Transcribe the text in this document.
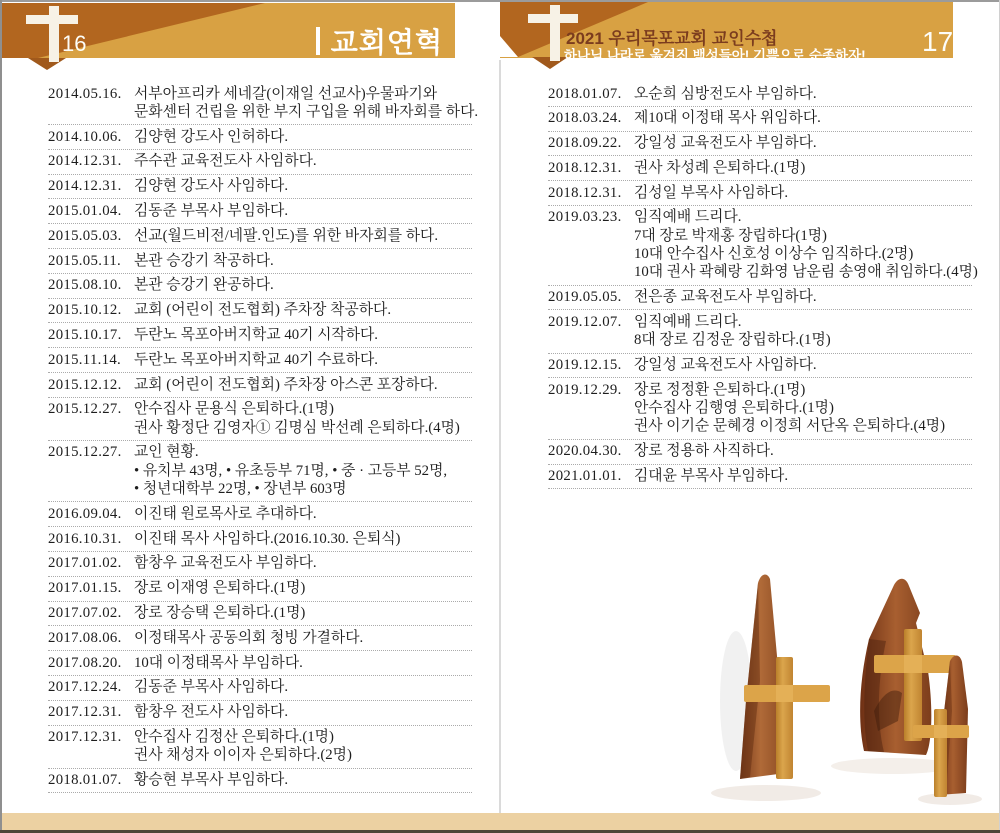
16	교회연혁	2021 우리목포교회 교인수첩
하나님 나라로 옮겨진 백성들아! 기쁨으로 순종하자! 17
2014.05.16. 서부아프리카 세네갈(이재일 선교사)우물파기와
문화센터 건립을 위한 부지 구입을 위해 바자회를 하다.
2014.10.06. 김양현 강도사 인허하다.
2014.12.31. 주수관 교육전도사 사임하다.
2014.12.31. 김양현 강도사 사임하다.
2015.01.04. 김동준 부목사 부임하다.
2015.05.03. 선교(월드비전/네팔.인도)를 위한 바자회를 하다.
2015.05.11. 본관 승강기 착공하다.
2015.08.10. 본관 승강기 완공하다.
2015.10.12. 교회 (어린이 전도협회) 주차장 착공하다.
2015.10.17. 두란노 목포아버지학교 40기 시작하다.
2015.11.14. 두란노 목포아버지학교 40기 수료하다.
2015.12.12. 교회 (어린이 전도협회) 주차장 아스콘 포장하다.
2015.12.27. 안수집사 문용식 은퇴하다.(1명)
권사 황정단 김영자① 김명심 박선례 은퇴하다.(4명)
2015.12.27. 교인 현황.
• 유치부 43명, • 유초등부 71명, • 중 · 고등부 52명,
• 청년대학부 22명, • 장년부 603명
2016.09.04. 이진태 원로목사로 추대하다.
2016.10.31. 이진태 목사 사임하다.(2016.10.30. 은퇴식)
2017.01.02. 함창우 교육전도사 부임하다.
2017.01.15. 장로 이재영 은퇴하다.(1명)
2017.07.02. 장로 장승택 은퇴하다.(1명)
2017.08.06. 이정태목사 공동의회 청빙 가결하다.
2017.08.20. 10대 이정태목사 부임하다.
2017.12.24. 김동준 부목사 사임하다.
2017.12.31. 함창우 전도사 사임하다.
2017.12.31. 안수집사 김정산 은퇴하다.(1명)
권사 채성자 이이자 은퇴하다.(2명)
2018.01.07. 황승현 부목사 부임하다.
2018.01.07. 오순희 심방전도사 부임하다.
2018.03.24. 제10대 이정태 목사 위임하다.
2018.09.22. 강일성 교육전도사 부임하다.
2018.12.31. 권사 차성례 은퇴하다.(1명)
2018.12.31. 김성일 부목사 사임하다.
2019.03.23. 임직예배 드리다.
7대 장로 박재홍 장립하다(1명)
10대 안수집사 신호성 이상수 임직하다.(2명)
10대 권사 곽혜랑 김화영 남운림 송영애 취임하다.(4명)
2019.05.05. 전은종 교육전도사 부임하다.
2019.12.07. 임직예배 드리다.
8대 장로 김정운 장립하다.(1명)
2019.12.15. 강일성 교육전도사 사임하다.
2019.12.29. 장로 정정환 은퇴하다.(1명)
안수집사 김행영 은퇴하다.(1명)
권사 이기순 문혜경 이정희 서단옥 은퇴하다.(4명)
2020.04.30. 장로 정용하 사직하다.
2021.01.01. 김대윤 부목사 부임하다.
